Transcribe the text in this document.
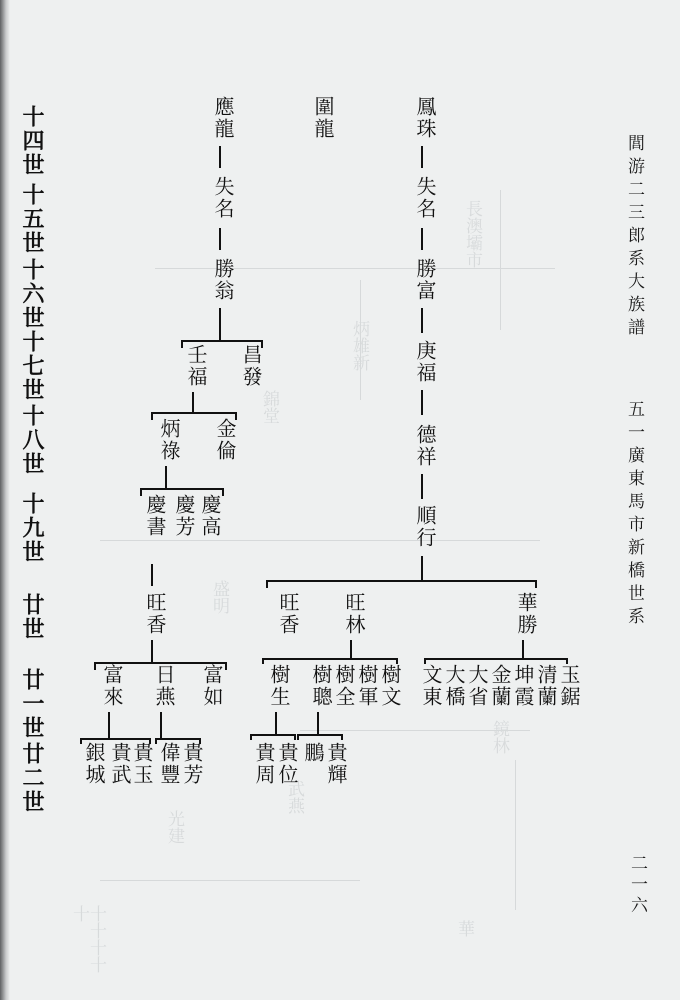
長澳壩市
炳雄新
錦堂
盛明
鏡林
武燕
光建
華
十十十十十
十四世
十五世
十六世
十七世
十八世
十九世
廿世
廿一世
廿二世
閭游二三郎系大族譜
五一廣東馬市新橋世系
二一六
鳳珠
失名
勝富
庚福
德祥
順行
圍龍
應龍
失名
勝翁
昌發
壬福
金倫
炳祿
慶高
慶芳
慶書
旺香
富如
日燕
富來
貴玉
貴武
銀城	貴芳
偉豐
華勝
旺林
旺香
玉鋸
清蘭
坤霞
金蘭
大省
大橋
文東
樹文
樹軍
樹全
樹聰
樹生
貴輝
鵬
貴位
貴周
